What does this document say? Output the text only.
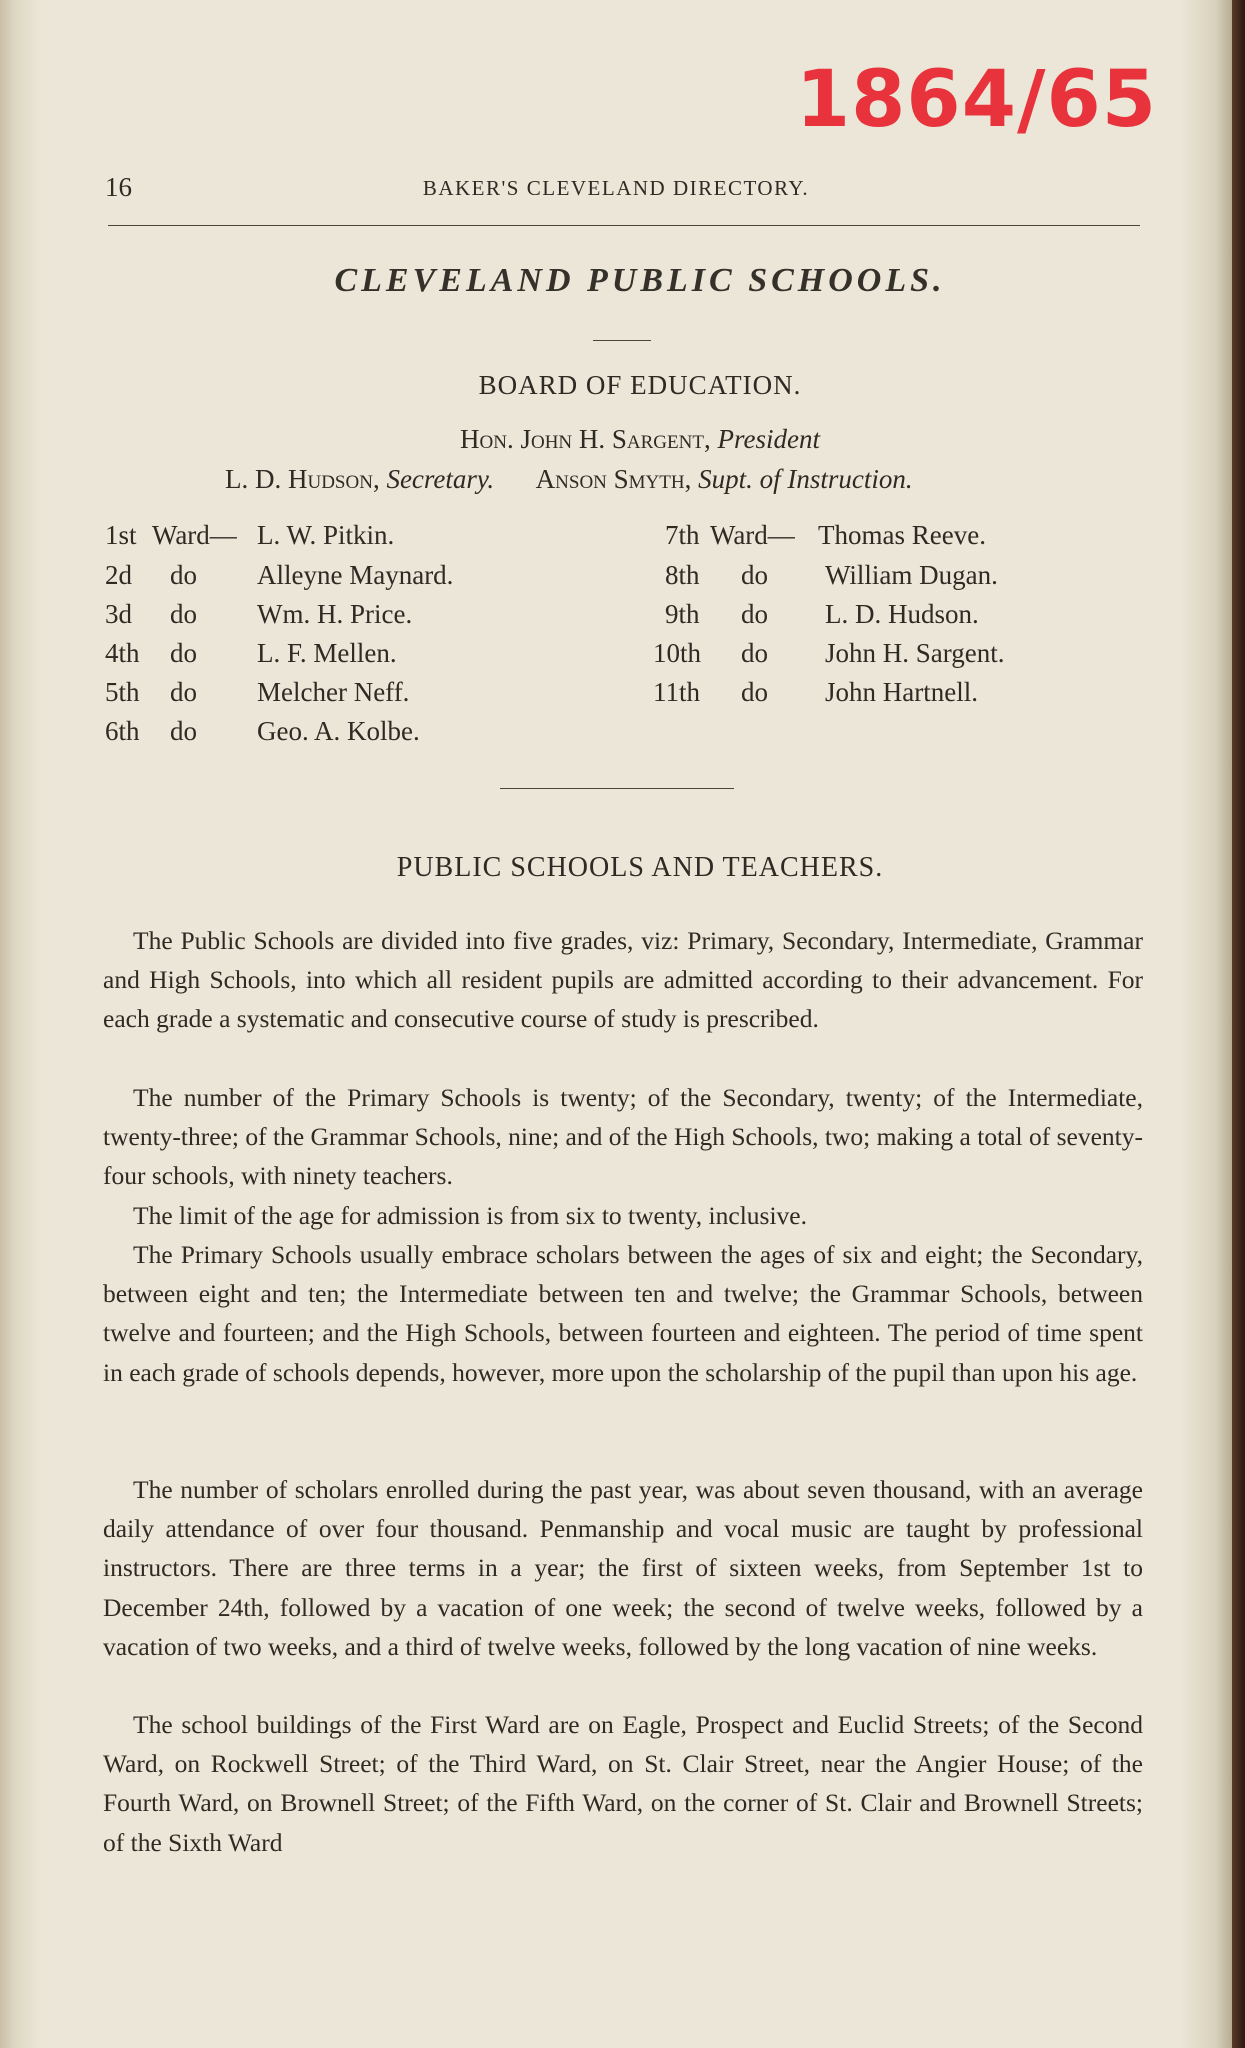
1864/65
16	BAKER'S CLEVELAND DIRECTORY.
CLEVELAND PUBLIC SCHOOLS.
BOARD OF EDUCATION.
Hon. John H. Sargent, President
L. D. Hudson, Secretary. Anson Smyth, Supt. of Instruction.
1st Ward— L. W. Pitkin.
2d do Alleyne Maynard.
3d do Wm. H. Price.
4th do L. F. Mellen.
5th do Melcher Neff.
6th do Geo. A. Kolbe.
7th Ward— Thomas Reeve.
8th do William Dugan.
9th do L. D. Hudson.
10th do John H. Sargent.
11th do John Hartnell.
PUBLIC SCHOOLS AND TEACHERS.

The Public Schools are divided into five grades, viz: Primary, Secondary, Intermediate, Grammar and High Schools, into which all resident pupils are admitted according to their advancement. For each grade a systematic and consecutive course of study is prescribed.

The number of the Primary Schools is twenty; of the Secondary, twenty; of the Intermediate, twenty-three; of the Grammar Schools, nine; and of the High Schools, two; making a total of seventy-four schools, with ninety teachers.

The limit of the age for admission is from six to twenty, inclusive.

The Primary Schools usually embrace scholars between the ages of six and eight; the Secondary, between eight and ten; the Intermediate between ten and twelve; the Grammar Schools, between twelve and fourteen; and the High Schools, between fourteen and eighteen. The period of time spent in each grade of schools depends, however, more upon the scholarship of the pupil than upon his age.

The number of scholars enrolled during the past year, was about seven thousand, with an average daily attendance of over four thousand. Penmanship and vocal music are taught by professional instructors. There are three terms in a year; the first of sixteen weeks, from September 1st to December 24th, followed by a vacation of one week; the second of twelve weeks, followed by a vacation of two weeks, and a third of twelve weeks, followed by the long vacation of nine weeks.

The school buildings of the First Ward are on Eagle, Prospect and Euclid Streets; of the Second Ward, on Rockwell Street; of the Third Ward, on St. Clair Street, near the Angier House; of the Fourth Ward, on Brownell Street; of the Fifth Ward, on the corner of St. Clair and Brownell Streets; of the Sixth Ward
